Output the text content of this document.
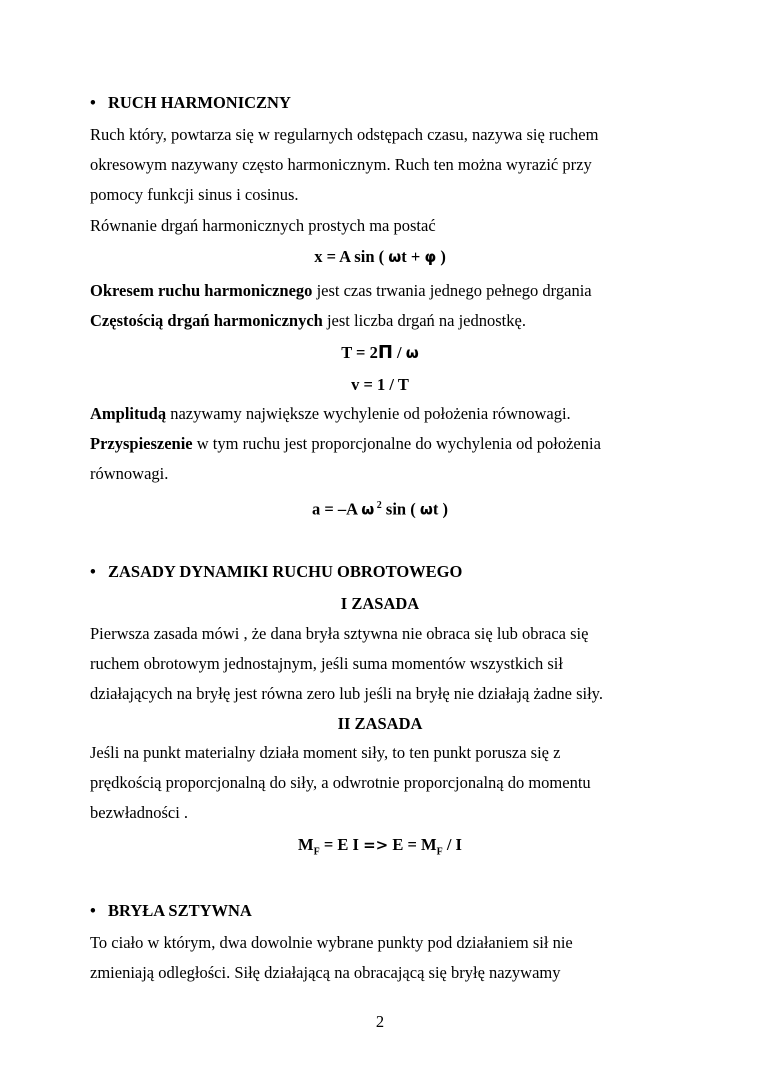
• RUCH HARMONICZNY
Ruch który, powtarza się w regularnych odstępach czasu, nazywa się ruchem
okresowym nazywany często harmonicznym. Ruch ten można wyrazić przy
pomocy funkcji sinus i cosinus.
Równanie drgań harmonicznych prostych ma postać
x = A sin ( ωt + φ )
Okresem ruchu harmonicznego jest czas trwania jednego pełnego drgania
Częstością drgań harmonicznych jest liczba drgań na jednostkę.
T = 2Π / ω
v = 1 / T
Amplitudą nazywamy największe wychylenie od położenia równowagi.
Przyspieszenie w tym ruchu jest proporcjonalne do wychylenia od położenia
równowagi.
a = –A ω $^2$ sin ( ωt )
• ZASADY DYNAMIKI RUCHU OBROTOWEGO
I ZASADA
Pierwsza zasada mówi , że dana bryła sztywna nie obraca się lub obraca się
ruchem obrotowym jednostajnym, jeśli suma momentów wszystkich sił
działających na bryłę jest równa zero lub jeśli na bryłę nie działają żadne siły.
II ZASADA
Jeśli na punkt materialny działa moment siły, to ten punkt porusza się z
prędkością proporcjonalną do siły, a odwrotnie proporcjonalną do momentu
bezwładności .
$M_F = E$ $I => E = M_F / I$
• BRYŁA SZTYWNA
To ciało w którym, dwa dowolnie wybrane punkty pod działaniem sił nie
zmieniają odległości. Siłę działającą na obracającą się bryłę nazywamy
2
